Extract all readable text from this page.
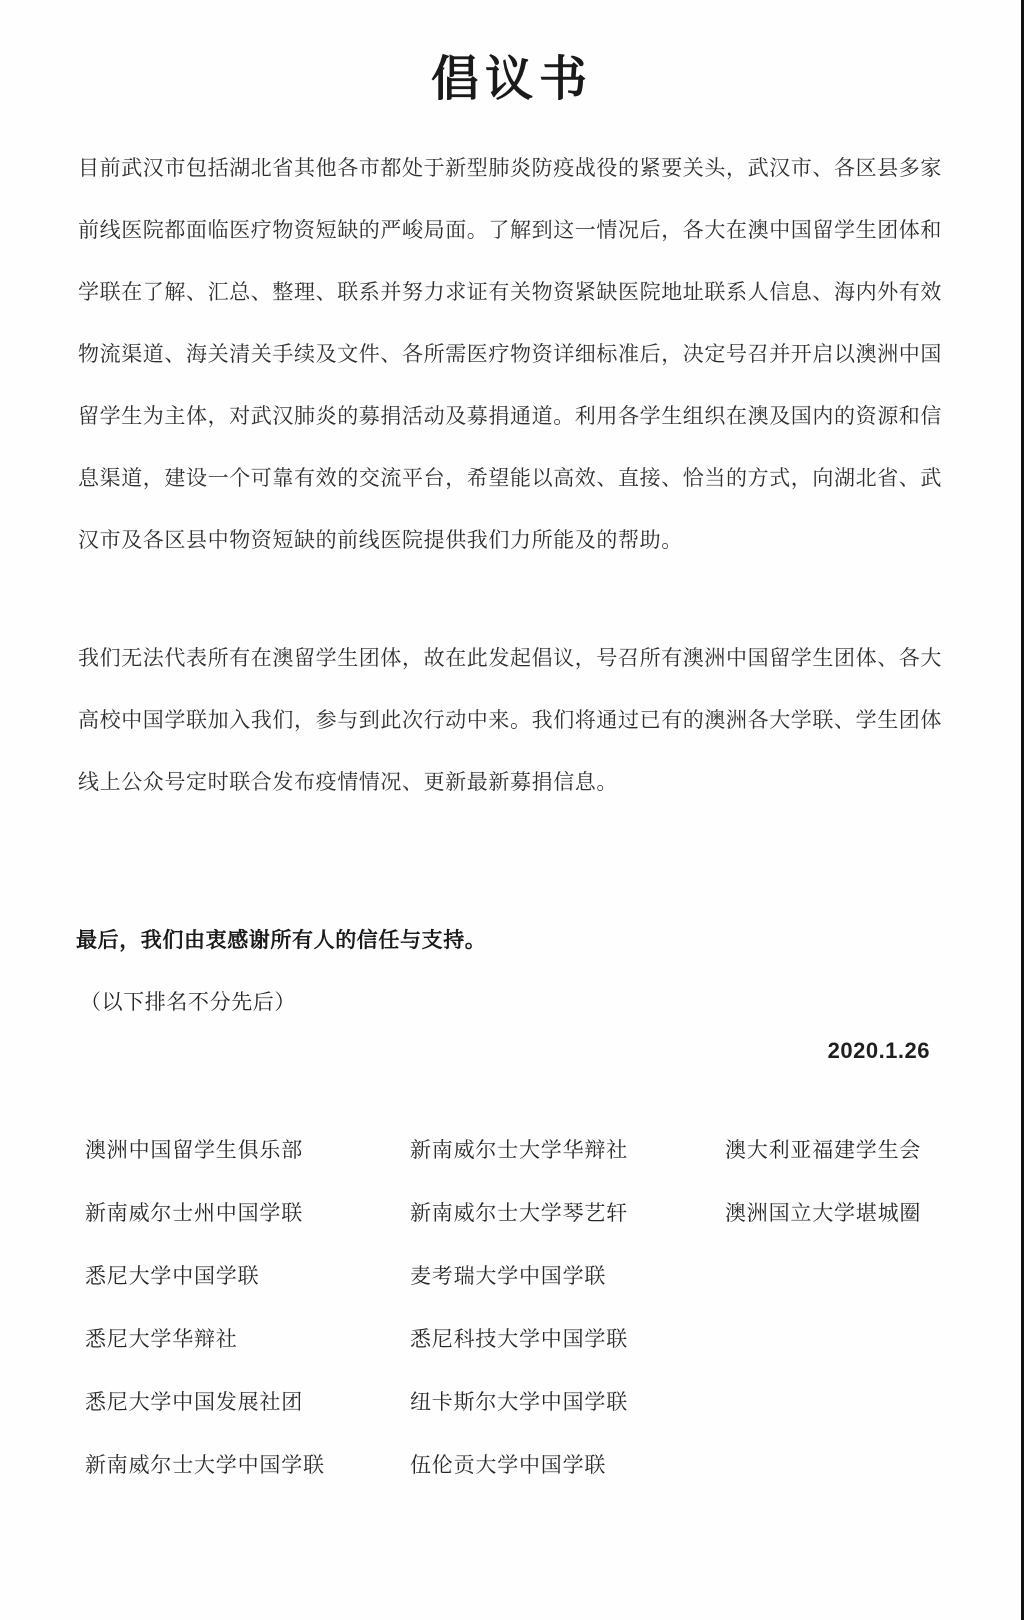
倡议书
目前武汉市包括湖北省其他各市都处于新型肺炎防疫战役的紧要关头，武汉市、各区县多家
前线医院都面临医疗物资短缺的严峻局面。了解到这一情况后，各大在澳中国留学生团体和
学联在了解、汇总、整理、联系并努力求证有关物资紧缺医院地址联系人信息、海内外有效
物流渠道、海关清关手续及文件、各所需医疗物资详细标准后，决定号召并开启以澳洲中国
留学生为主体，对武汉肺炎的募捐活动及募捐通道。利用各学生组织在澳及国内的资源和信
息渠道，建设一个可靠有效的交流平台，希望能以高效、直接、恰当的方式，向湖北省、武
汉市及各区县中物资短缺的前线医院提供我们力所能及的帮助。
我们无法代表所有在澳留学生团体，故在此发起倡议，号召所有澳洲中国留学生团体、各大
高校中国学联加入我们，参与到此次行动中来。我们将通过已有的澳洲各大学联、学生团体
线上公众号定时联合发布疫情情况、更新最新募捐信息。
最后，我们由衷感谢所有人的信任与支持。
（以下排名不分先后）
2020.1.26
澳洲中国留学生俱乐部	新南威尔士大学华辩社	澳大利亚福建学生会
新南威尔士州中国学联	新南威尔士大学琴艺轩	澳洲国立大学堪城圈
悉尼大学中国学联	麦考瑞大学中国学联
悉尼大学华辩社	悉尼科技大学中国学联
悉尼大学中国发展社团	纽卡斯尔大学中国学联
新南威尔士大学中国学联	伍伦贡大学中国学联
